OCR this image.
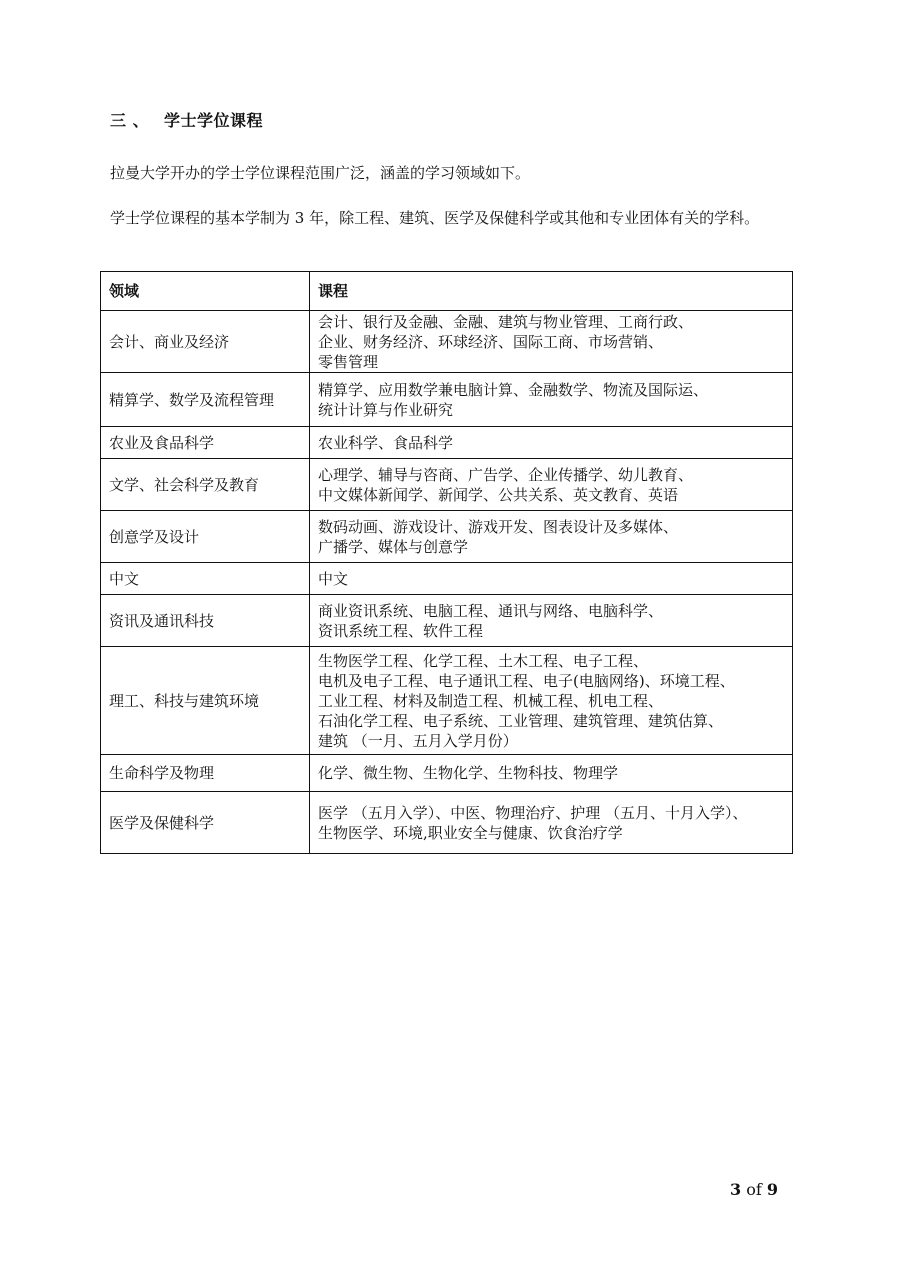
三 、 学士学位课程
拉曼大学开办的学士学位课程范围广泛，涵盖的学习领域如下。
学士学位课程的基本学制为 3 年，除工程、建筑、医学及保健科学或其他和专业团体有关的学科。
领域	课程
会计、商业及经济	会计、银行及金融、金融、建筑与物业管理、工商行政、
企业、财务经济、环球经济、国际工商、市场营销、
零售管理

精算学、数学及流程管理	精算学、应用数学兼电脑计算、金融数学、物流及国际运、
统计计算与作业研究

农业及食品科学	农业科学、食品科学

文学、社会科学及教育	心理学、辅导与咨商、广告学、企业传播学、幼儿教育、
中文媒体新闻学、新闻学、公共关系、英文教育、英语

创意学及设计	数码动画、游戏设计、游戏开发、图表设计及多媒体、
广播学、媒体与创意学

中文	中文

资讯及通讯科技	商业资讯系统、电脑工程、通讯与网络、电脑科学、
资讯系统工程、软件工程

理工、科技与建筑环境	生物医学工程、化学工程、土木工程、电子工程、
电机及电子工程、电子通讯工程、电子(电脑网络)、环境工程、
工业工程、材料及制造工程、机械工程、机电工程、
石油化学工程、电子系统、工业管理、建筑管理、建筑估算、
建筑 （一月、五月入学月份）

生命科学及物理	化学、微生物、生物化学、生物科技、物理学

医学及保健科学	医学 （五月入学）、中医、物理治疗、护理 （五月、十月入学）、
生物医学、环境,职业安全与健康、饮食治疗学
3 of 9
